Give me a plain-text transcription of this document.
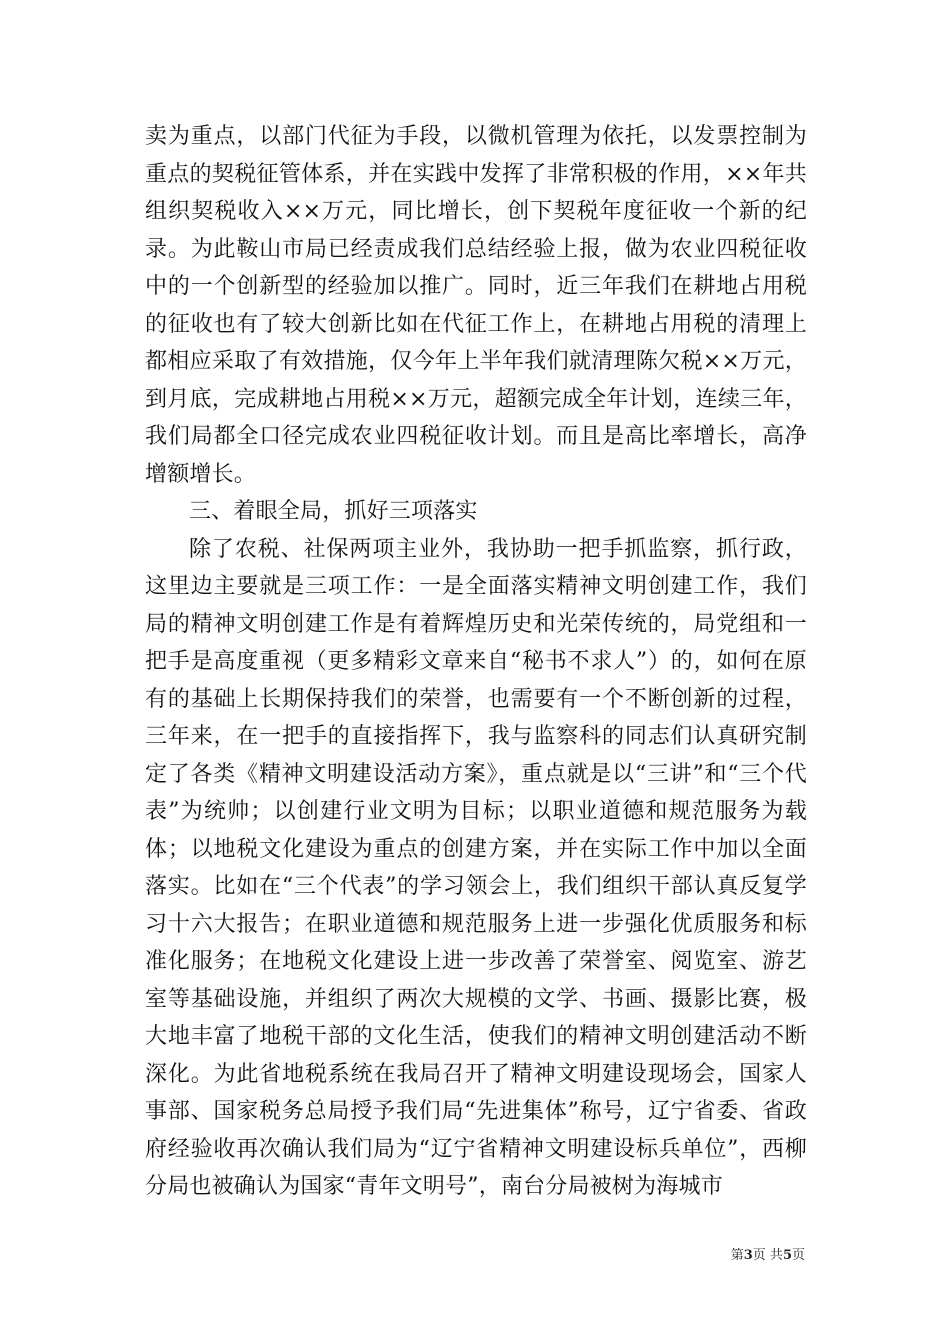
卖为重点，以部门代征为手段，以微机管理为依托，以发票控制为重点的契税征管体系，并在实践中发挥了非常积极的作用，××年共组织契税收入××万元，同比增长，创下契税年度征收一个新的纪录。为此鞍山市局已经责成我们总结经验上报，做为农业四税征收中的一个创新型的经验加以推广。同时，近三年我们在耕地占用税的征收也有了较大创新比如在代征工作上，在耕地占用税的清理上都相应采取了有效措施，仅今年上半年我们就清理陈欠税××万元，到月底，完成耕地占用税××万元，超额完成全年计划，连续三年，我们局都全口径完成农业四税征收计划。而且是高比率增长，高净增额增长。

三、着眼全局，抓好三项落实

除了农税、社保两项主业外，我协助一把手抓监察，抓行政，这里边主要就是三项工作：一是全面落实精神文明创建工作，我们局的精神文明创建工作是有着辉煌历史和光荣传统的，局党组和一把手是高度重视（更多精彩文章来自“秘书不求人”）的，如何在原有的基础上长期保持我们的荣誉，也需要有一个不断创新的过程，三年来，在一把手的直接指挥下，我与监察科的同志们认真研究制定了各类《精神文明建设活动方案》，重点就是以“三讲”和“三个代表”为统帅；以创建行业文明为目标；以职业道德和规范服务为载体；以地税文化建设为重点的创建方案，并在实际工作中加以全面落实。比如在“三个代表”的学习领会上，我们组织干部认真反复学习十六大报告；在职业道德和规范服务上进一步强化优质服务和标准化服务；在地税文化建设上进一步改善了荣誉室、阅览室、游艺室等基础设施，并组织了两次大规模的文学、书画、摄影比赛，极大地丰富了地税干部的文化生活，使我们的精神文明创建活动不断深化。为此省地税系统在我局召开了精神文明建设现场会，国家人事部、国家税务总局授予我们局“先进集体”称号，辽宁省委、省政府经验收再次确认我们局为“辽宁省精神文明建设标兵单位”，西柳分局也被确认为国家“青年文明号”，南台分局被树为海城市

第3页 共5页
